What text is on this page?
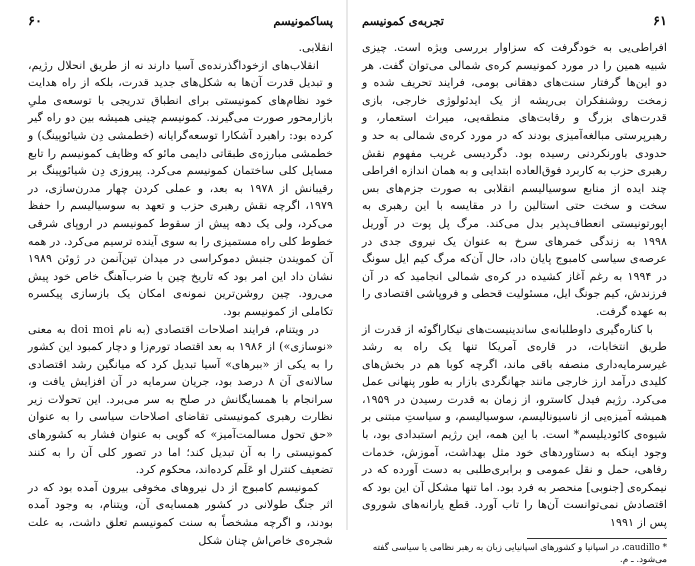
پساکمونیسم
۶۰

انقلابی.

انقلاب‌های ازخوداگذرنده‌ی آسیا دارند نه از طریق انحلال رژیم، و تبدیل قدرت آن‌ها به شکل‌های جدید قدرت، بلکه از راه هدایت خود نظام‌های کمونیستی برای انطباق تدریجی با توسعه‌ی ملیِ بازارمحور صورت می‌گیرند. کمونیسم چینی همیشه بین دو راه گیر کرده بود: راهبرد آشکارا توسعه‌گرایانه (خطمشی دِن شیائوپینگ) و خطمشی مبارزه‌ی طبقاتی دایمی مائو که وظایف کمونیسم را تابع مسایل کلی ساختمان کمونیسم می‌کرد. پیروزی دِن شیائوپینگ بر رقیبانش از ۱۹۷۸ به بعد، و عملی کردن چهار مدرن‌سازی، در ۱۹۷۹، اگرچه نقش رهبری حزب و تعهد به سوسیالیسم را حفظ می‌کرد، ولی یک دهه پیش از سقوط کمونیسم در اروپای شرقی خطوط کلی راه مستمیزی را به سوی آینده ترسیم می‌کرد. در همه آن کمویندن جنبش دموکراسی در میدان تین‌آنمن در ژوئن ۱۹۸۹ نشان داد این امر بود که تاریخ چین با ضرب‌آهنگ خاص خود پیش می‌رود. چین روشن‌ترین نمونه‌ی امکان یک بازسازی پیکسره تکاملی از کمونیسم بود.

در ویتنام، فرایند اصلاحات اقتصادی (به نام doi moi به معنی «نوسازی») از ۱۹۸۶ به بعد اقتصاد تورم‌زا و دچار کمبود این کشور را به یکی از «ببرهای» آسیا تبدیل کرد که میانگین رشد اقتصادی سالانه‌ی آن ۸ درصد بود، جریان سرمایه در آن افزایش یافت و، سرانجام با همسایگانش در صلح به سر می‌برد. این تحولات زیر نظارت رهبری کمونیستی تقاضای اصلاحات سیاسی را به عنوان «حق تحول مسالمت‌آمیز» که گویی به عنوان فشار به کشورهای کمونیستی را به آن تبدیل کند؛ اما در تصور کلی آن را به کنند تضعیف کنترل او عَلَم کرده‌اند، محکوم کرد.

کمونیسم کامبوج از دل نیروهای مخوفی بیرون آمده بود که در اثر جنگ طولانی در کشور همسایه‌ی آن، ویتنام، به وجود آمده بودند، و اگرچه مشخصاً به سنت کمونیسم تعلق داشت، به علت شجره‌ی خاص‌اش چنان شکل

۶۱
تجربه‌ی کمونیسم

افراطی‌یی به خودگرفت که سزاوار بررسی ویژه است. چیزی شبیه همین را در مورد کمونیسم کره‌ی شمالی می‌توان گفت. هر دو این‌ها گرفتار سنت‌های دهقانی بومی، فرایند تحریف شده و زمخت روشنفکران بی‌ریشه از یک ایدئولوژی خارجی، بازی قدرت‌های بزرگ و رقابت‌های منطقه‌یی، میراث استعمار، و رهبرپرستی مبالغه‌آمیزی بودند که در مورد کره‌ی شمالی به حد و حدودی باورنکردنی رسیده بود. دگردیسی غریب مفهوم نقش رهبری حزب به کاربرد فوق‌العاده ابتدایی و به همان اندازه افراطی چند ایده از منابع سوسیالیسم انقلابی به صورت جزم‌های بس سخت و سخت حتی استالین را در مقایسه با این رهبری به اپورتونیستی انعطاف‌پذیر بدل می‌کند. مرگ پل پوت در آوریل ۱۹۹۸ به زندگی خمرهای سرخ به عنوان یک نیروی جدی در عرصه‌ی سیاسی کامبوج پایان داد، حال آن‌که مرگ کیم ایل سونگ در ۱۹۹۴ به رغم آغاز کشیده در کره‌ی شمالی انجامید که در آن فرزندش، کیم جونگ ایل، مسئولیت قحطی و فروپاشی اقتصادی را به عهده گرفت.

با کناره‌گیری داوطلبانه‌ی ساندینیست‌های نیکاراگوئه از قدرت از طریق انتخابات، در قاره‌ی آمریکا تنها یک راه به رشد غیرسرمایه‌داری منصفه باقی ماند، اگرچه کوبا هم در بخش‌های کلیدی درآمد ارز خارجی مانند جهانگردی بازار به طور پنهانی عمل می‌کرد. رژیم فیدل کاسترو، از زمان به قدرت رسیدن در ۱۹۵۹، همیشه آمیزه‌یی از ناسیونالیسم، سوسیالیسم، و سیاستِ مبتنی بر شیوه‌ی کائودیلیسم* است. با این همه، این رژیم استبدادی بود، با وجود اینکه به دستاوردهای خود مثل بهداشت، آموزش، خدمات رفاهی، حمل و نقل عمومی و برابری‌طلبی به دست آورده که در نیمکره‌ی [جنوبی] منحصر به فرد بود. اما تنها مشکل آن این بود که اقتصادش نمی‌توانست آن‌ها را تاب آورد. قطع یارانه‌های شوروی پس از ۱۹۹۱

* caudillo، در اسپانیا و کشورهای اسپانیایی زبان به رهبر نظامی یا سیاسی گفته می‌شود. ـ م.
